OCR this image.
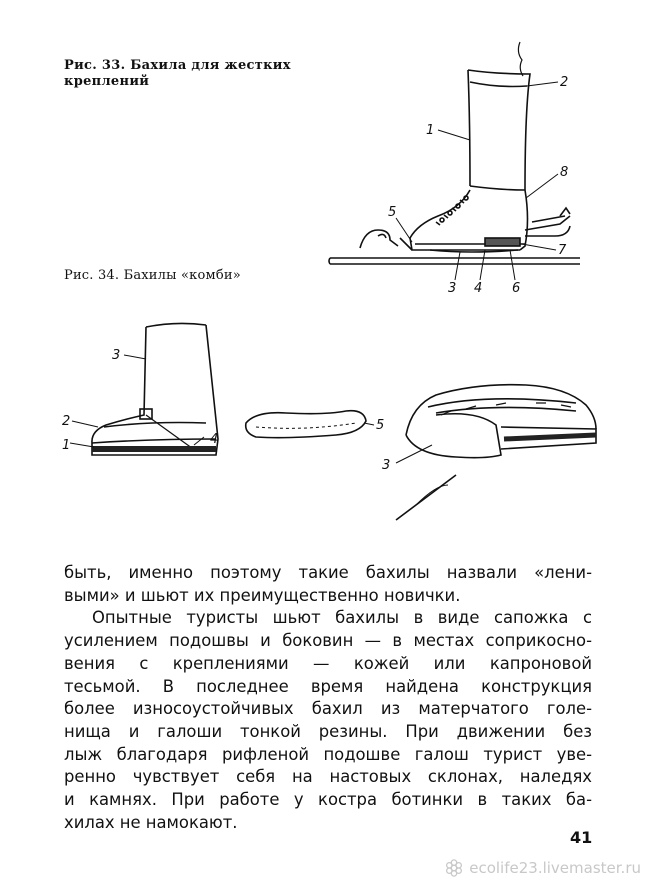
Рис. 33. Бахила для жестких
креплений
1
2
3 4
5
6
7
8
Рис. 34. Бахилы «комби»
1
2
3
4
5
3

быть, именно поэтому такие бахилы назвали «лени-

выми» и шьют их преимущественно новички.

Опытные туристы шьют бахилы в виде сапожка с

усилением подошвы и боковин — в местах соприкосно-

вения с креплениями — кожей или капроновой

тесьмой. В последнее время найдена конструкция

более износоустойчивых бахил из матерчатого голе-

нища и галоши тонкой резины. При движении без

лыж благодаря рифленой подошве галош турист уве-

ренно чувствует себя на настовых склонах, наледях

и камнях. При работе у костра ботинки в таких ба-

хилах не намокают.

41
ecolife23.livemaster.ru
